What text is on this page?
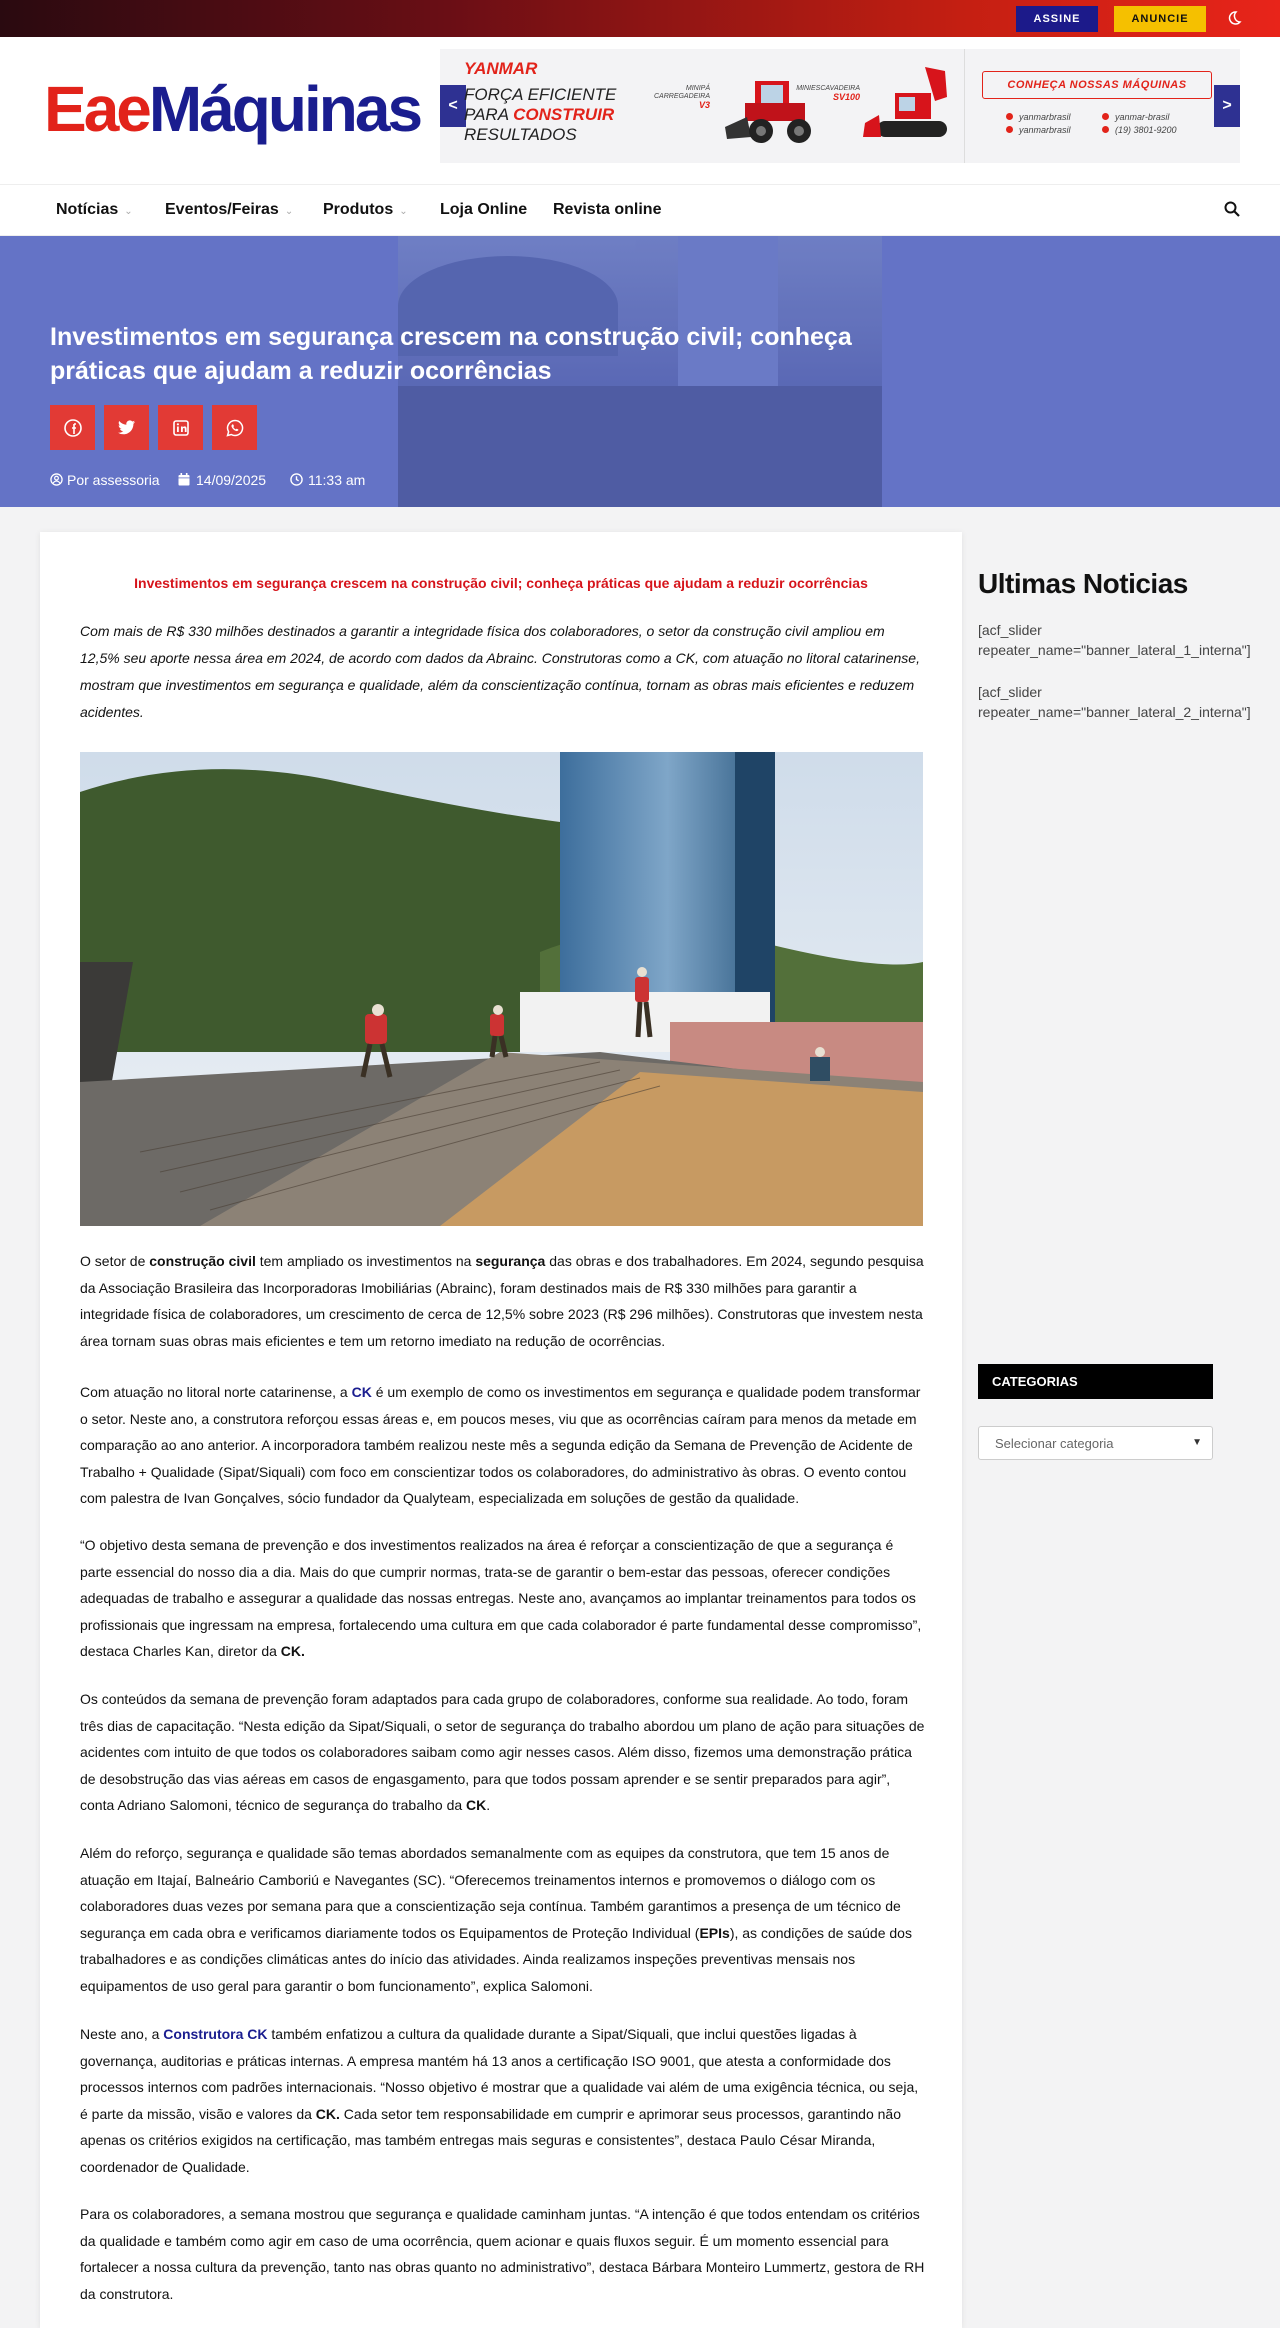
ASSINE	ANUNCIE
EaeMáquinas	<
YANMAR
FORÇA EFICIENTE
PARA CONSTRUIR
RESULTADOS
MINIPÁ CARREGADEIRA
V3
MINIESCAVADEIRA
SV100
CONHEÇA NOSSAS MÁQUINAS
yanmarbrasil	yanmar-brasil
yanmarbrasil	(19) 3801-9200
>
Notícias ⌄ Eventos/Feiras ⌄ Produtos ⌄ Loja Online Revista online
Investimentos em segurança crescem na construção civil; conheça práticas que ajudam a reduzir ocorrências
Por assessoria	14/09/2025	11:33 am
Investimentos em segurança crescem na construção civil; conheça práticas que ajudam a reduzir ocorrências

Com mais de R$ 330 milhões destinados a garantir a integridade física dos colaboradores, o setor da construção civil ampliou em 12,5% seu aporte nessa área em 2024, de acordo com dados da Abrainc. Construtoras como a CK, com atuação no litoral catarinense, mostram que investimentos em segurança e qualidade, além da conscientização contínua, tornam as obras mais eficientes e reduzem acidentes.

O setor de construção civil tem ampliado os investimentos na segurança das obras e dos trabalhadores. Em 2024, segundo pesquisa da Associação Brasileira das Incorporadoras Imobiliárias (Abrainc), foram destinados mais de R$ 330 milhões para garantir a integridade física de colaboradores, um crescimento de cerca de 12,5% sobre 2023 (R$ 296 milhões). Construtoras que investem nesta área tornam suas obras mais eficientes e tem um retorno imediato na redução de ocorrências.

Com atuação no litoral norte catarinense, a CK é um exemplo de como os investimentos em segurança e qualidade podem transformar o setor. Neste ano, a construtora reforçou essas áreas e, em poucos meses, viu que as ocorrências caíram para menos da metade em comparação ao ano anterior. A incorporadora também realizou neste mês a segunda edição da Semana de Prevenção de Acidente de Trabalho + Qualidade (Sipat/Siquali) com foco em conscientizar todos os colaboradores, do administrativo às obras. O evento contou com palestra de Ivan Gonçalves, sócio fundador da Qualyteam, especializada em soluções de gestão da qualidade.

“O objetivo desta semana de prevenção e dos investimentos realizados na área é reforçar a conscientização de que a segurança é parte essencial do nosso dia a dia. Mais do que cumprir normas, trata-se de garantir o bem-estar das pessoas, oferecer condições adequadas de trabalho e assegurar a qualidade das nossas entregas. Neste ano, avançamos ao implantar treinamentos para todos os profissionais que ingressam na empresa, fortalecendo uma cultura em que cada colaborador é parte fundamental desse compromisso”, destaca Charles Kan, diretor da CK.

Os conteúdos da semana de prevenção foram adaptados para cada grupo de colaboradores, conforme sua realidade. Ao todo, foram três dias de capacitação. “Nesta edição da Sipat/Siquali, o setor de segurança do trabalho abordou um plano de ação para situações de acidentes com intuito de que todos os colaboradores saibam como agir nesses casos. Além disso, fizemos uma demonstração prática de desobstrução das vias aéreas em casos de engasgamento, para que todos possam aprender e se sentir preparados para agir”, conta Adriano Salomoni, técnico de segurança do trabalho da CK.

Além do reforço, segurança e qualidade são temas abordados semanalmente com as equipes da construtora, que tem 15 anos de atuação em Itajaí, Balneário Camboriú e Navegantes (SC). “Oferecemos treinamentos internos e promovemos o diálogo com os colaboradores duas vezes por semana para que a conscientização seja contínua. Também garantimos a presença de um técnico de segurança em cada obra e verificamos diariamente todos os Equipamentos de Proteção Individual (EPIs), as condições de saúde dos trabalhadores e as condições climáticas antes do início das atividades. Ainda realizamos inspeções preventivas mensais nos equipamentos de uso geral para garantir o bom funcionamento”, explica Salomoni.

Neste ano, a Construtora CK também enfatizou a cultura da qualidade durante a Sipat/Siquali, que inclui questões ligadas à governança, auditorias e práticas internas. A empresa mantém há 13 anos a certificação ISO 9001, que atesta a conformidade dos processos internos com padrões internacionais. “Nosso objetivo é mostrar que a qualidade vai além de uma exigência técnica, ou seja, é parte da missão, visão e valores da CK. Cada setor tem responsabilidade em cumprir e aprimorar seus processos, garantindo não apenas os critérios exigidos na certificação, mas também entregas mais seguras e consistentes”, destaca Paulo César Miranda, coordenador de Qualidade.

Para os colaboradores, a semana mostrou que segurança e qualidade caminham juntas. “A intenção é que todos entendam os critérios da qualidade e também como agir em caso de uma ocorrência, quem acionar e quais fluxos seguir. É um momento essencial para fortalecer a nossa cultura da prevenção, tanto nas obras quanto no administrativo”, destaca Bárbara Monteiro Lummertz, gestora de RH da construtora.

Ultimas Noticias
[acf_slider repeater_name="banner_lateral_1_interna"]
[acf_slider repeater_name="banner_lateral_2_interna"]
CATEGORIAS
Selecionar categoria	▼
